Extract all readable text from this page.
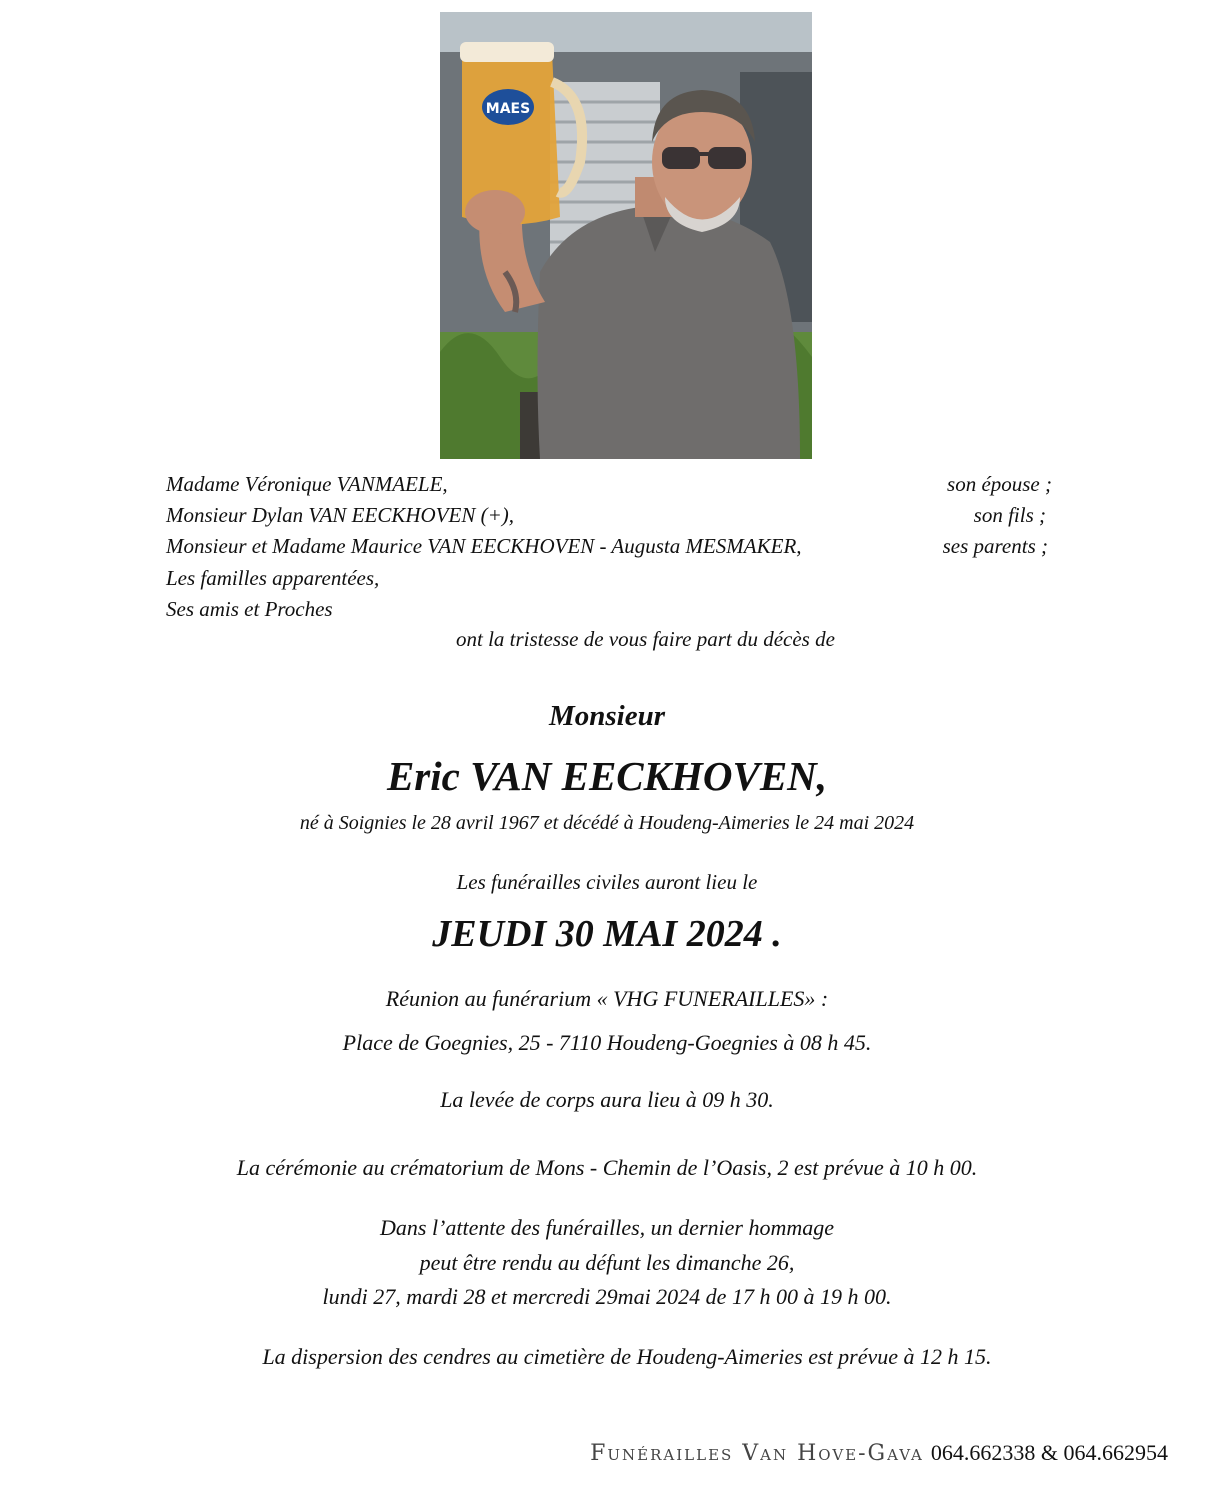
MAES
Madame Véronique VANMAELE,	son épouse ;
Monsieur Dylan VAN EECKHOVEN (+),	son fils ;
Monsieur et Madame Maurice VAN EECKHOVEN - Augusta MESMAKER,	ses parents ;
Les familles apparentées,
Ses amis et Proches
ont la tristesse de vous faire part du décès de
Monsieur
Eric VAN EECKHOVEN,
né à Soignies le 28 avril 1967 et décédé à Houdeng-Aimeries le 24 mai 2024
Les funérailles civiles auront lieu le
JEUDI 30 MAI 2024 .
Réunion au funérarium « VHG FUNERAILLES» :
Place de Goegnies, 25 - 7110 Houdeng-Goegnies à 08 h 45.
La levée de corps aura lieu à 09 h 30.
La cérémonie au crématorium de Mons - Chemin de l’Oasis, 2 est prévue à 10 h 00.
Dans l’attente des funérailles, un dernier hommage
peut être rendu au défunt les dimanche 26,
lundi 27, mardi 28 et mercredi 29mai 2024 de 17 h 00 à 19 h 00.
La dispersion des cendres au cimetière de Houdeng-Aimeries est prévue à 12 h 15.
Funérailles Van Hove-Gava 064.662338 & 064.662954
